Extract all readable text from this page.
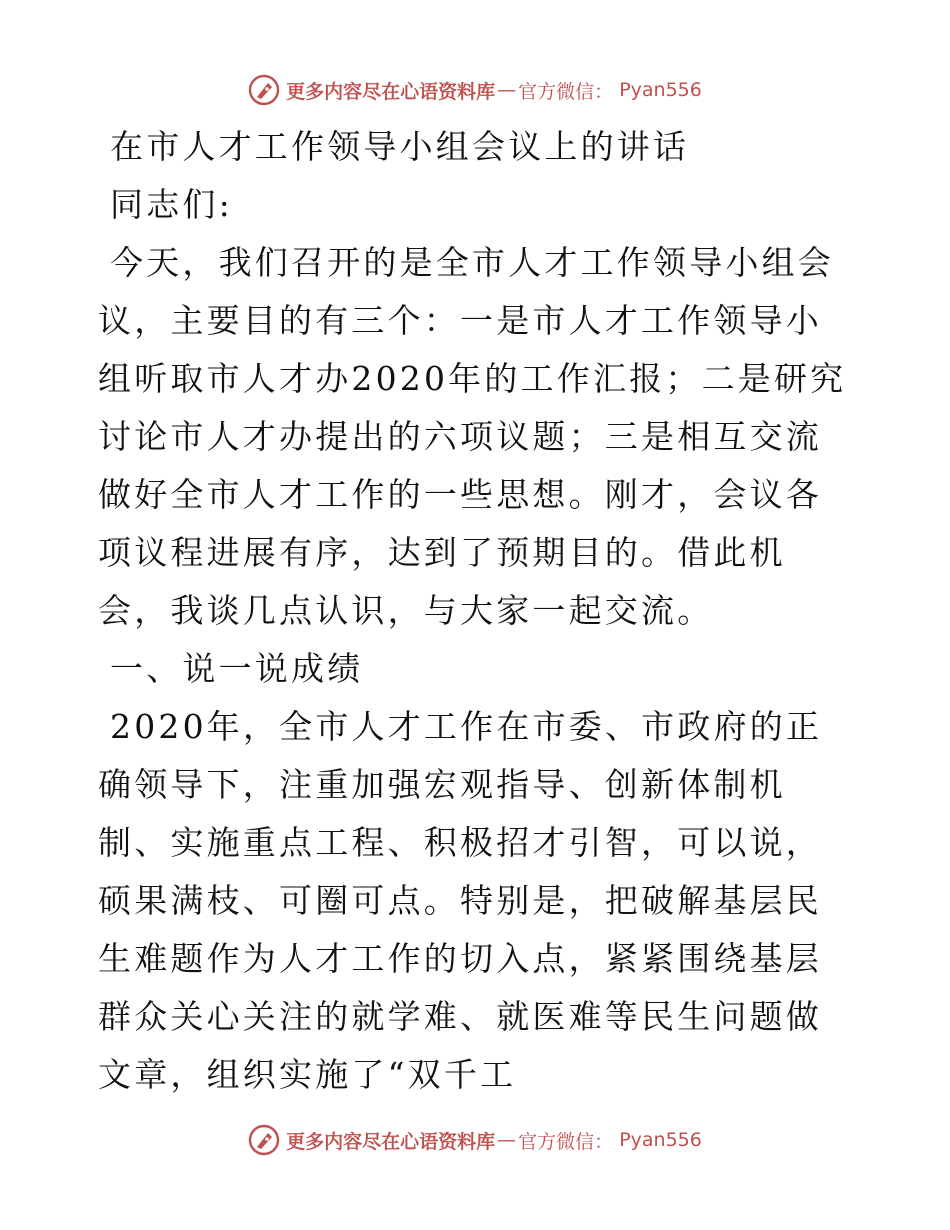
更多内容尽在心语资料库 — 官方微信： Pyan556

在市人才工作领导小组会议上的讲话

同志们:

今天，我们召开的是全市人才工作领导小组会议，主要目的有三个：一是市人才工作领导小组听取市人才办2020年的工作汇报；二是研究讨论市人才办提出的六项议题；三是相互交流做好全市人才工作的一些思想。刚才，会议各项议程进展有序，达到了预期目的。借此机会，我谈几点认识，与大家一起交流。

一、说一说成绩

2020年，全市人才工作在市委、市政府的正确领导下，注重加强宏观指导、创新体制机制、实施重点工程、积极招才引智，可以说，硕果满枝、可圈可点。特别是，把破解基层民生难题作为人才工作的切入点，紧紧围绕基层群众关心关注的就学难、就医难等民生问题做文章，组织实施了“双千工

更多内容尽在心语资料库 — 官方微信： Pyan556
